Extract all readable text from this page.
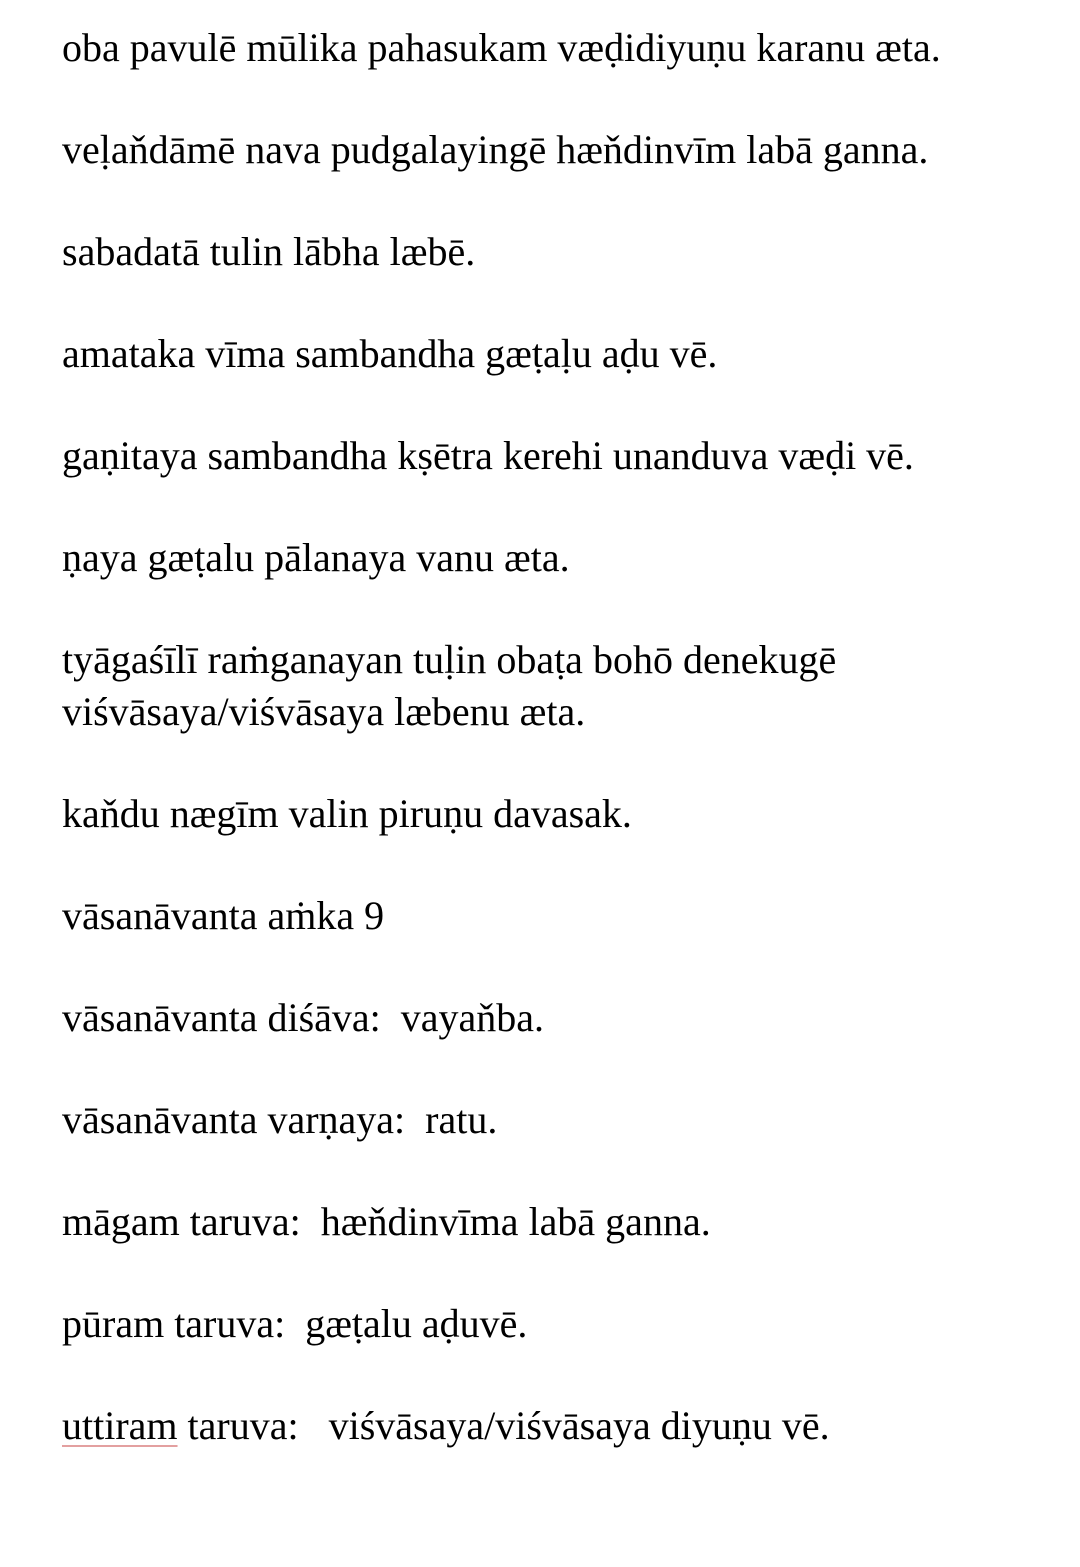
oba pavulē mūlika pahasukam væḍidiyuṇu karanu æta.

veḷaňdāmē nava pudgalayingē hæňdinvīm labā ganna.

sabadatā tulin lābha læbē.

amataka vīma sambandha gæṭaḷu aḍu vē.

gaṇitaya sambandha kṣētra kerehi unanduva væḍi vē.

ṇaya gæṭalu pālanaya vanu æta.

tyāgaśīlī raṁganayan tuḷin obaṭa bohō denekugē viśvāsaya/viśvāsaya læbenu æta.

kaňdu nægīm valin piruṇu davasak.

vāsanāvanta aṁka 9

vāsanāvanta diśāva:  vayaňba.

vāsanāvanta varṇaya:  ratu.

māgam taruva:  hæňdinvīma labā ganna.

pūram taruva:  gæṭalu aḍuvē.

uttiram taruva:   viśvāsaya/viśvāsaya diyuṇu vē.
